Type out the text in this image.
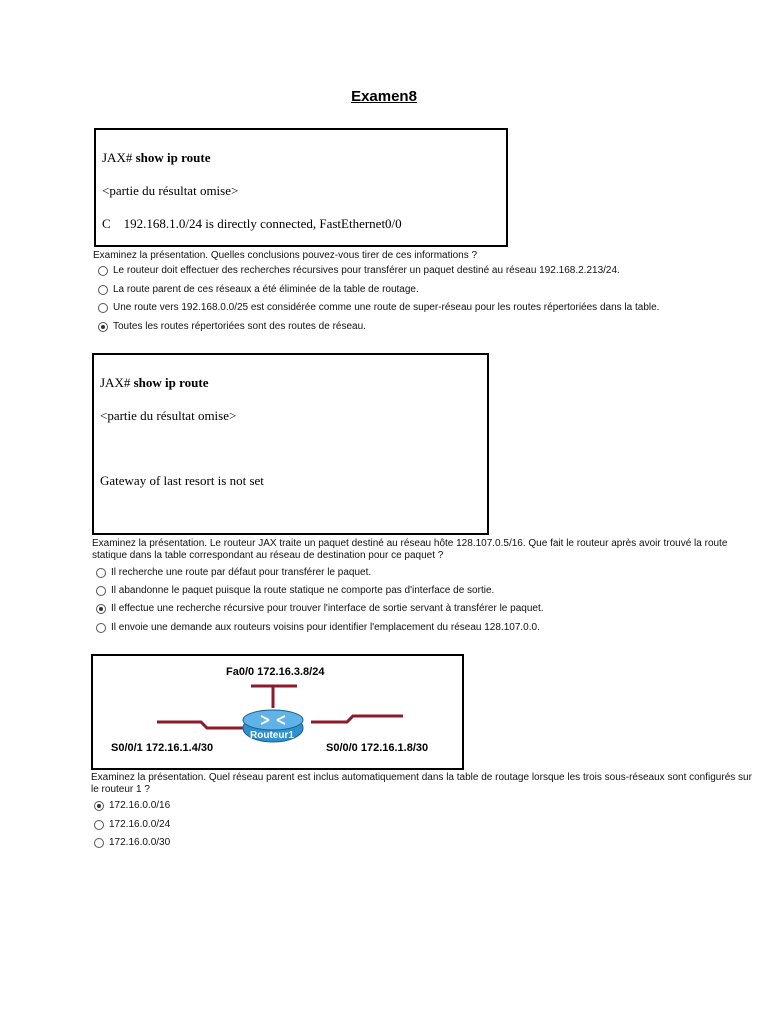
Examen8

JAX# show ip route

<partie du résultat omise>

C    192.168.1.0/24 is directly connected, FastEthernet0/0

Examinez la présentation. Quelles conclusions pouvez-vous tirer de ces informations ?
Le routeur doit effectuer des recherches récursives pour transférer un paquet destiné au réseau 192.168.2.213/24.
La route parent de ces réseaux a été éliminée de la table de routage.
Une route vers 192.168.0.0/25 est considérée comme une route de super-réseau pour les routes répertoriées dans la table.
Toutes les routes répertoriées sont des routes de réseau.

JAX# show ip route

<partie du résultat omise>

Gateway of last resort is not set

Examinez la présentation. Le routeur JAX traite un paquet destiné au réseau hôte 128.107.0.5/16. Que fait le routeur après avoir trouvé la route statique dans la table correspondant au réseau de destination pour ce paquet ?
Il recherche une route par défaut pour transférer le paquet.
Il abandonne le paquet puisque la route statique ne comporte pas d'interface de sortie.
Il effectue une recherche récursive pour trouver l'interface de sortie servant à transférer le paquet.
Il envoie une demande aux routeurs voisins pour identifier l'emplacement du réseau 128.107.0.0.
Fa0/0 172.16.3.8/24
Routeur1
S0/0/1 172.16.1.4/30	S0/0/0 172.16.1.8/30
Examinez la présentation. Quel réseau parent est inclus automatiquement dans la table de routage lorsque les trois sous-réseaux sont configurés sur le routeur 1 ?
172.16.0.0/16
172.16.0.0/24
172.16.0.0/30
